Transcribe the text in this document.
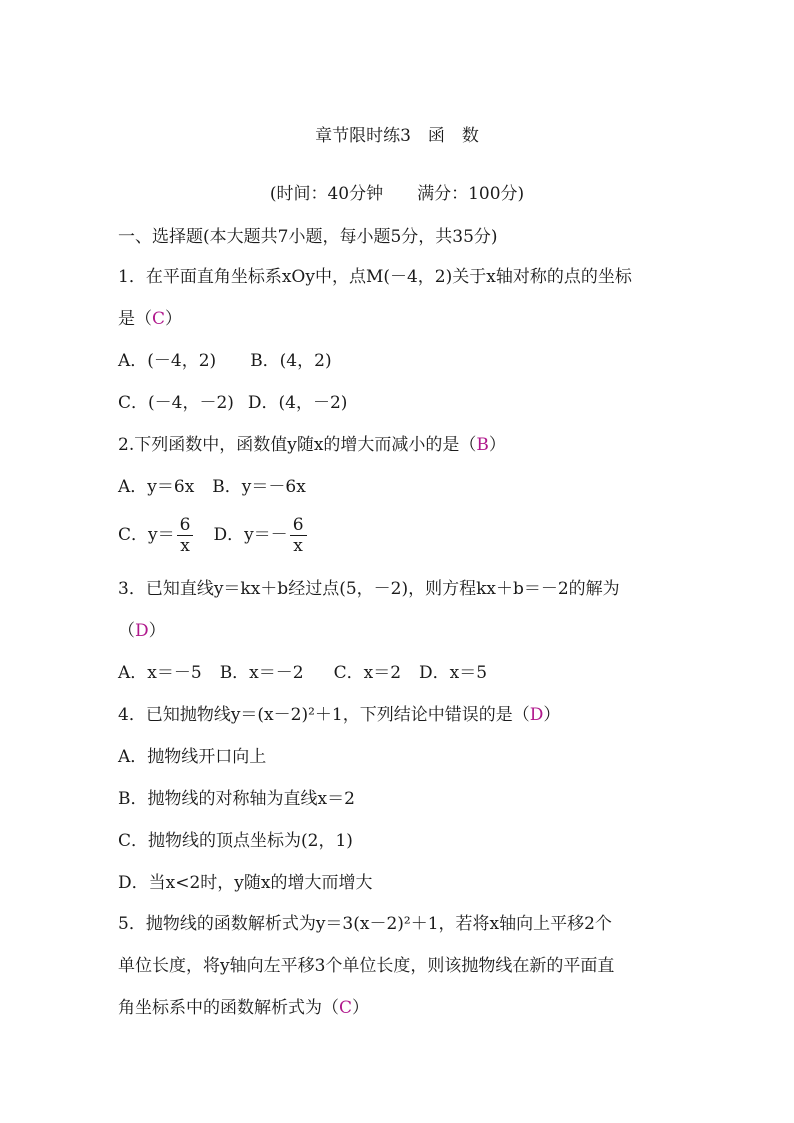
章节限时练3　函　数
(时间：40分钟　　满分：100分)
一、选择题(本大题共7小题，每小题5分，共35分)
1．在平面直角坐标系xOy中，点M(－4，2)关于x轴对称的点的坐标
是（C）
A．(－4，2) B．(4，2)
C．(－4，－2) D．(4，－2)
2.下列函数中，函数值y随x的增大而减小的是（B）
A．y＝6x B．y＝－6x
C．$y= \frac{6}{x}$ D．$y=- \frac{6}{x}$
3．已知直线y＝kx＋b经过点(5，－2)，则方程kx＋b＝－2的解为
（D）
A．x＝－5 B．x＝－2 C．x＝2 D．x＝5
4．已知抛物线y＝(x－2)²＋1，下列结论中错误的是（D）
A．抛物线开口向上
B．抛物线的对称轴为直线x＝2
C．抛物线的顶点坐标为(2，1)
D．当x<2时，y随x的增大而增大
5．抛物线的函数解析式为y＝3(x－2)²＋1，若将x轴向上平移2个
单位长度，将y轴向左平移3个单位长度，则该抛物线在新的平面直
角坐标系中的函数解析式为（C）
